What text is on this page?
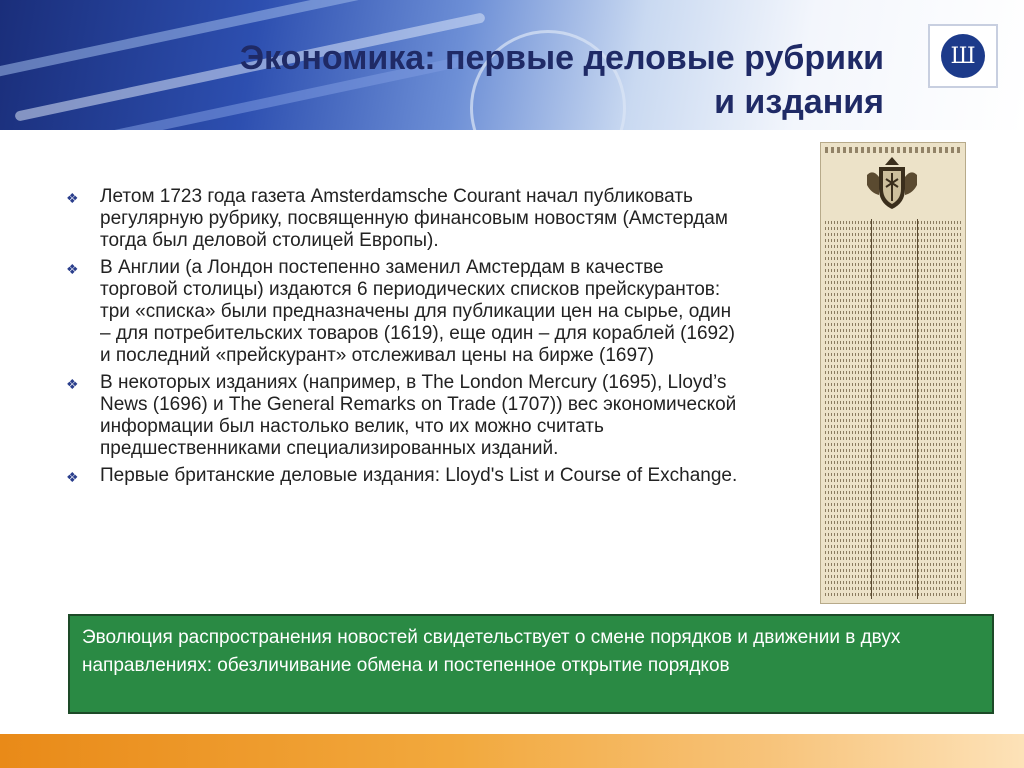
Экономика: первые деловые рубрики
и издания
Ш
❖ Летом 1723 года газета Amsterdamsche Courant начал публиковать регулярную рубрику, посвященную финансовым новостям (Амстердам тогда был деловой столицей Европы).
❖ В Англии (а Лондон постепенно заменил Амстердам в качестве торговой столицы) издаются 6 периодических списков прейскурантов: три «списка» были предназначены для публикации цен на сырье, один – для потребительских товаров (1619), еще один – для кораблей (1692) и последний «прейскурант» отслеживал цены на бирже (1697)
❖ В некоторых изданиях (например, в The London Mercury (1695), Lloyd’s News (1696) и The General Remarks on Trade (1707)) вес экономической информации был настолько велик, что их можно считать предшественниками специализированных изданий.
❖ Первые британские деловые издания: Lloyd's List и Course of Exchange.
Эволюция распространения новостей свидетельствует о смене порядков и движении в двух направлениях: обезличивание обмена и постепенное открытие порядков
